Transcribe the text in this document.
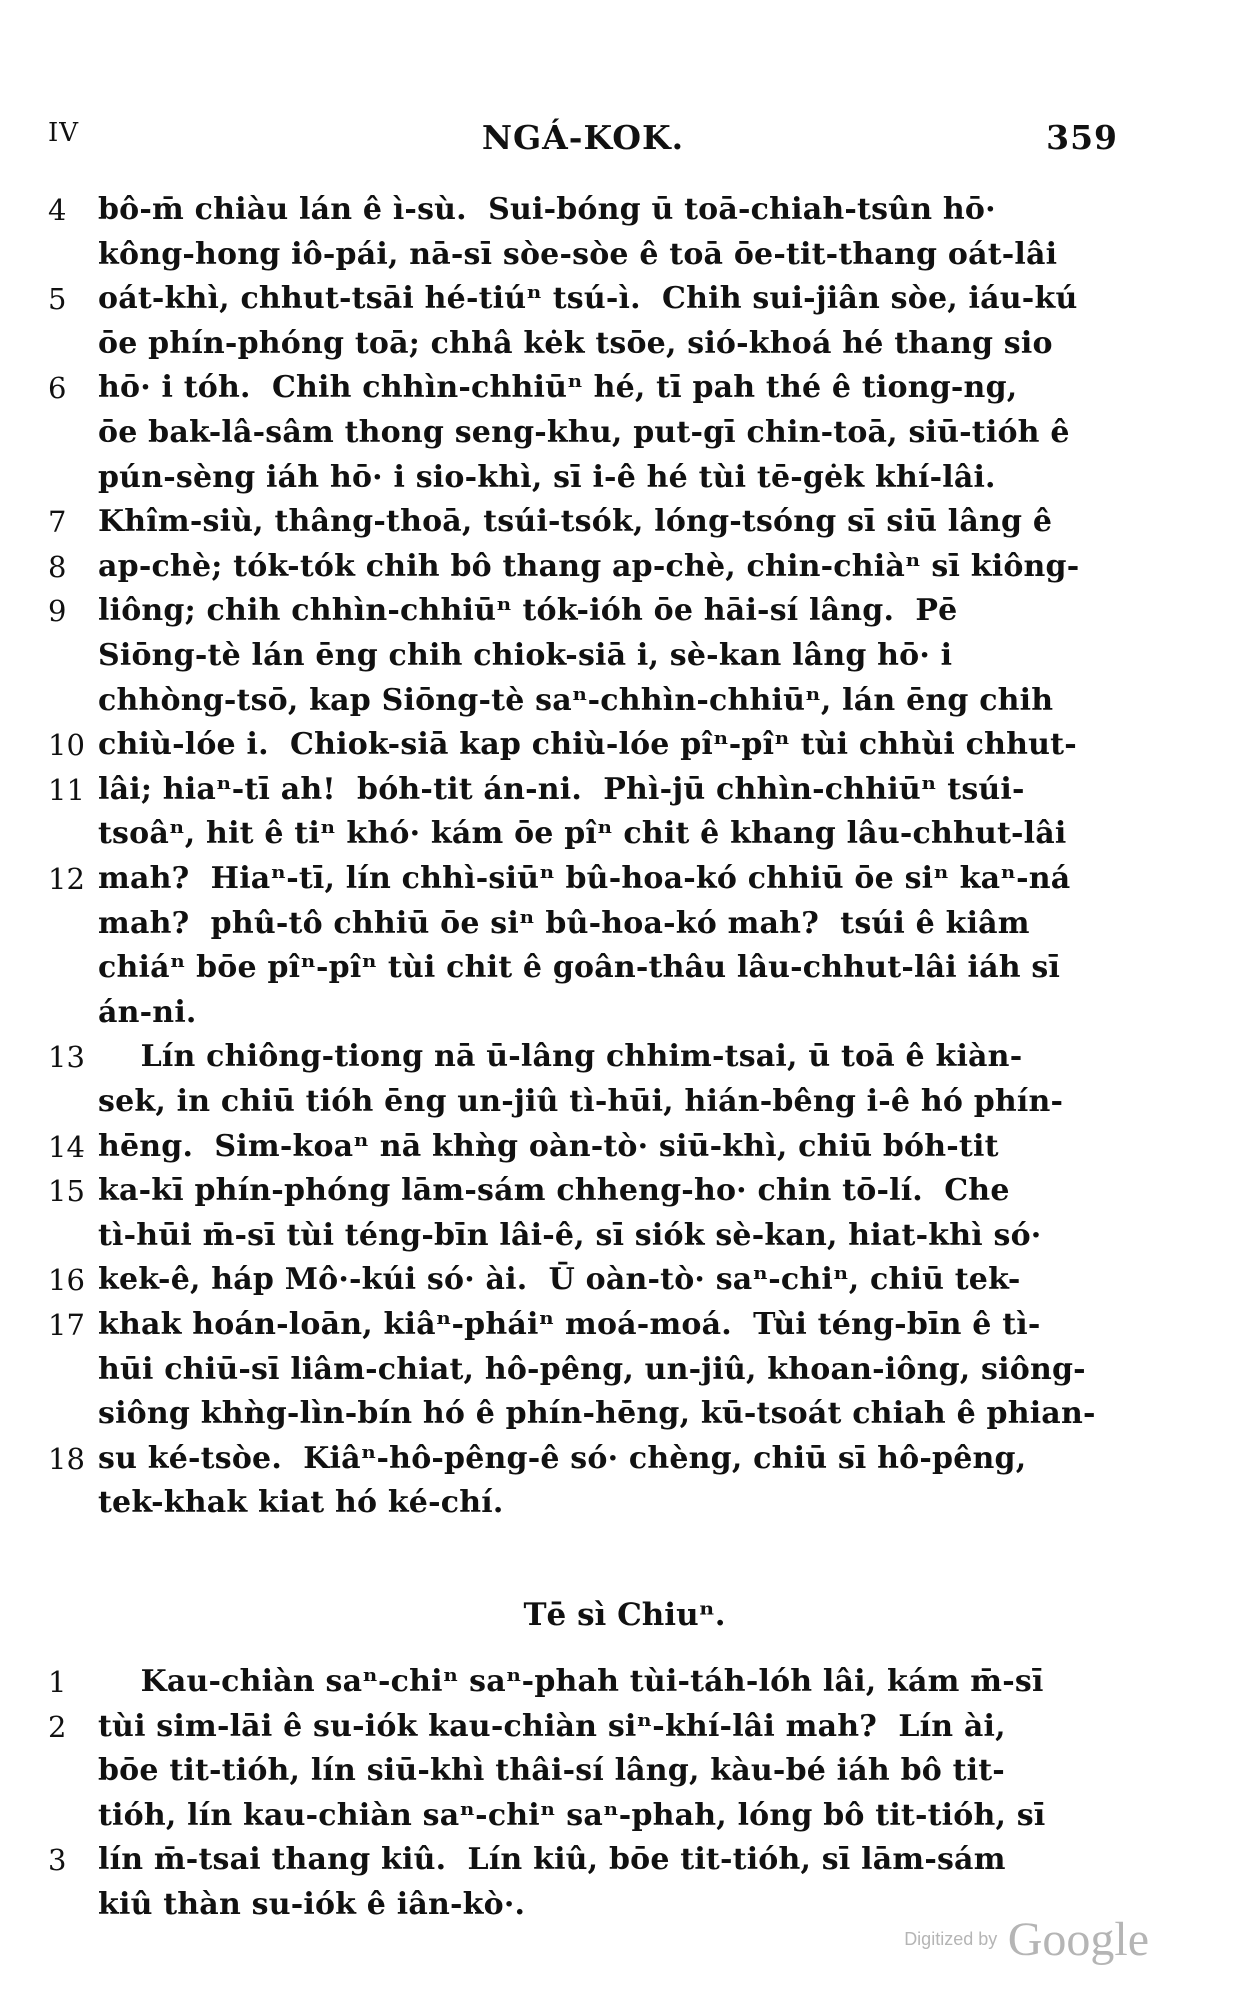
IV	NGÁ-KOK.	359
4	bô-m̄ chiàu lán ê ì-sù.  Sui-bóng ū toā-chiah-tsûn hō·
kông-hong iô-pái, nā-sī sòe-sòe ê toā ōe-tit-thang oát-lâi
5	oát-khì, chhut-tsāi hé-tiúⁿ tsú-ì.  Chih sui-jiân sòe, iáu-kú
ōe phín-phóng toā; chhâ kėk tsōe, sió-khoá hé thang sio
6	hō· i tóh.  Chih chhìn-chhiūⁿ hé, tī pah thé ê tiong-ng,
ōe bak-lâ-sâm thong seng-khu, put-gī chin-toā, siū-tióh ê
pún-sèng iáh hō· i sio-khì, sī i-ê hé tùi tē-gėk khí-lâi.
7	Khîm-siù, thâng-thoā, tsúi-tsók, lóng-tsóng sī siū lâng ê
8	ap-chè; tók-tók chih bô thang ap-chè, chin-chiàⁿ sī kiông-
9	liông; chih chhìn-chhiūⁿ tók-ióh ōe hāi-sí lâng.  Pē
Siōng-tè lán ēng chih chiok-siā i, sè-kan lâng hō· i
chhòng-tsō, kap Siōng-tè saⁿ-chhìn-chhiūⁿ, lán ēng chih
10 chiù-lóe i.  Chiok-siā kap chiù-lóe pîⁿ-pîⁿ tùi chhùi chhut-
11 lâi; hiaⁿ-tī ah!  bóh-tit án-ni.  Phì-jū chhìn-chhiūⁿ tsúi-
tsoâⁿ, hit ê tiⁿ khó· kám ōe pîⁿ chit ê khang lâu-chhut-lâi
12 mah?  Hiaⁿ-tī, lín chhì-siūⁿ bû-hoa-kó chhiū ōe siⁿ kaⁿ-ná
mah?  phû-tô chhiū ōe siⁿ bû-hoa-kó mah?  tsúi ê kiâm
chiáⁿ bōe pîⁿ-pîⁿ tùi chit ê goân-thâu lâu-chhut-lâi iáh sī
án-ni.
13 Lín chiông-tiong nā ū-lâng chhim-tsai, ū toā ê kiàn-
sek, in chiū tióh ēng un-jiû tì-hūi, hián-bêng i-ê hó phín-
14 hēng.  Sim-koaⁿ nā khǹg oàn-tò· siū-khì, chiū bóh-tit
15 ka-kī phín-phóng lām-sám chheng-ho· chin tō-lí.  Che
tì-hūi m̄-sī tùi téng-bīn lâi-ê, sī siók sè-kan, hiat-khì só·
16 kek-ê, háp Mô·-kúi só· ài.  Ū oàn-tò· saⁿ-chiⁿ, chiū tek-
17 khak hoán-loān, kiâⁿ-pháiⁿ moá-moá.  Tùi téng-bīn ê tì-
hūi chiū-sī liâm-chiat, hô-pêng, un-jiû, khoan-iông, siông-
siông khǹg-lìn-bín hó ê phín-hēng, kū-tsoát chiah ê phian-
18 su ké-tsòe.  Kiâⁿ-hô-pêng-ê só· chèng, chiū sī hô-pêng,
tek-khak kiat hó ké-chí.
Tē sì Chiuⁿ.
1	Kau-chiàn saⁿ-chiⁿ saⁿ-phah tùi-táh-lóh lâi, kám m̄-sī
2	tùi sim-lāi ê su-iók kau-chiàn siⁿ-khí-lâi mah?  Lín ài,
bōe tit-tióh, lín siū-khì thâi-sí lâng, kàu-bé iáh bô tit-
tióh, lín kau-chiàn saⁿ-chiⁿ saⁿ-phah, lóng bô tit-tióh, sī
3	lín m̄-tsai thang kiû.  Lín kiû, bōe tit-tióh, sī lām-sám
kiû thàn su-iók ê iân-kò·.
Digitized by Google
